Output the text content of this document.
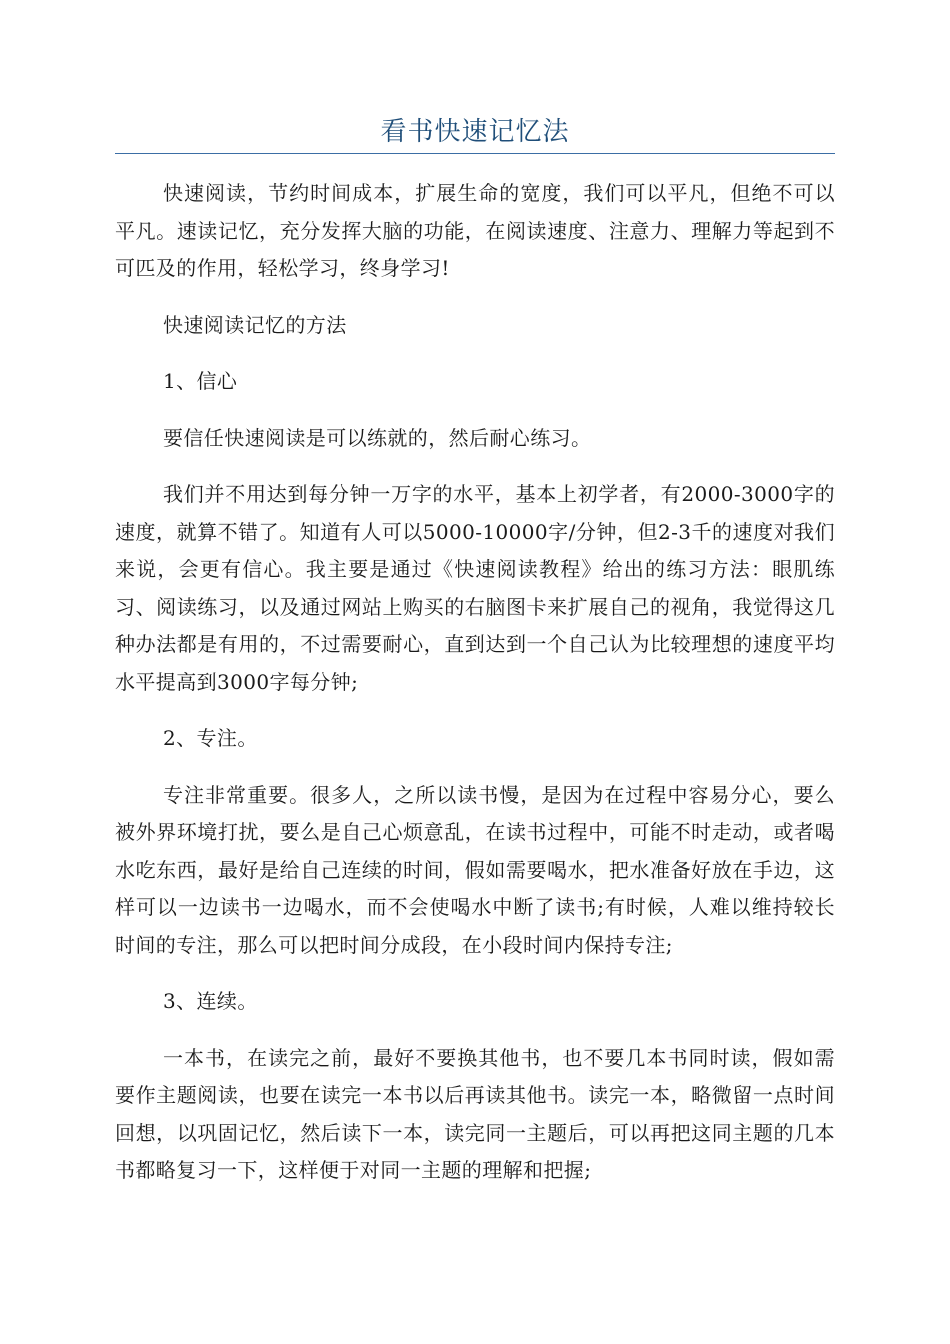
看书快速记忆法

快速阅读，节约时间成本，扩展生命的宽度，我们可以平凡，但绝不可以平凡。速读记忆，充分发挥大脑的功能，在阅读速度、注意力、理解力等起到不可匹及的作用，轻松学习，终身学习!

快速阅读记忆的方法

1、信心

要信任快速阅读是可以练就的，然后耐心练习。

我们并不用达到每分钟一万字的水平，基本上初学者，有2000-3000字的速度，就算不错了。知道有人可以5000-10000字/分钟，但2-3千的速度对我们来说，会更有信心。我主要是通过《快速阅读教程》给出的练习方法：眼肌练习、阅读练习，以及通过网站上购买的右脑图卡来扩展自己的视角，我觉得这几种办法都是有用的，不过需要耐心，直到达到一个自己认为比较理想的速度平均水平提高到3000字每分钟;

2、专注。

专注非常重要。很多人，之所以读书慢，是因为在过程中容易分心，要么被外界环境打扰，要么是自己心烦意乱，在读书过程中，可能不时走动，或者喝水吃东西，最好是给自己连续的时间，假如需要喝水，把水准备好放在手边，这样可以一边读书一边喝水，而不会使喝水中断了读书;有时候，人难以维持较长时间的专注，那么可以把时间分成段，在小段时间内保持专注;

3、连续。

一本书，在读完之前，最好不要换其他书，也不要几本书同时读，假如需要作主题阅读，也要在读完一本书以后再读其他书。读完一本，略微留一点时间回想，以巩固记忆，然后读下一本，读完同一主题后，可以再把这同主题的几本书都略复习一下，这样便于对同一主题的理解和把握;
